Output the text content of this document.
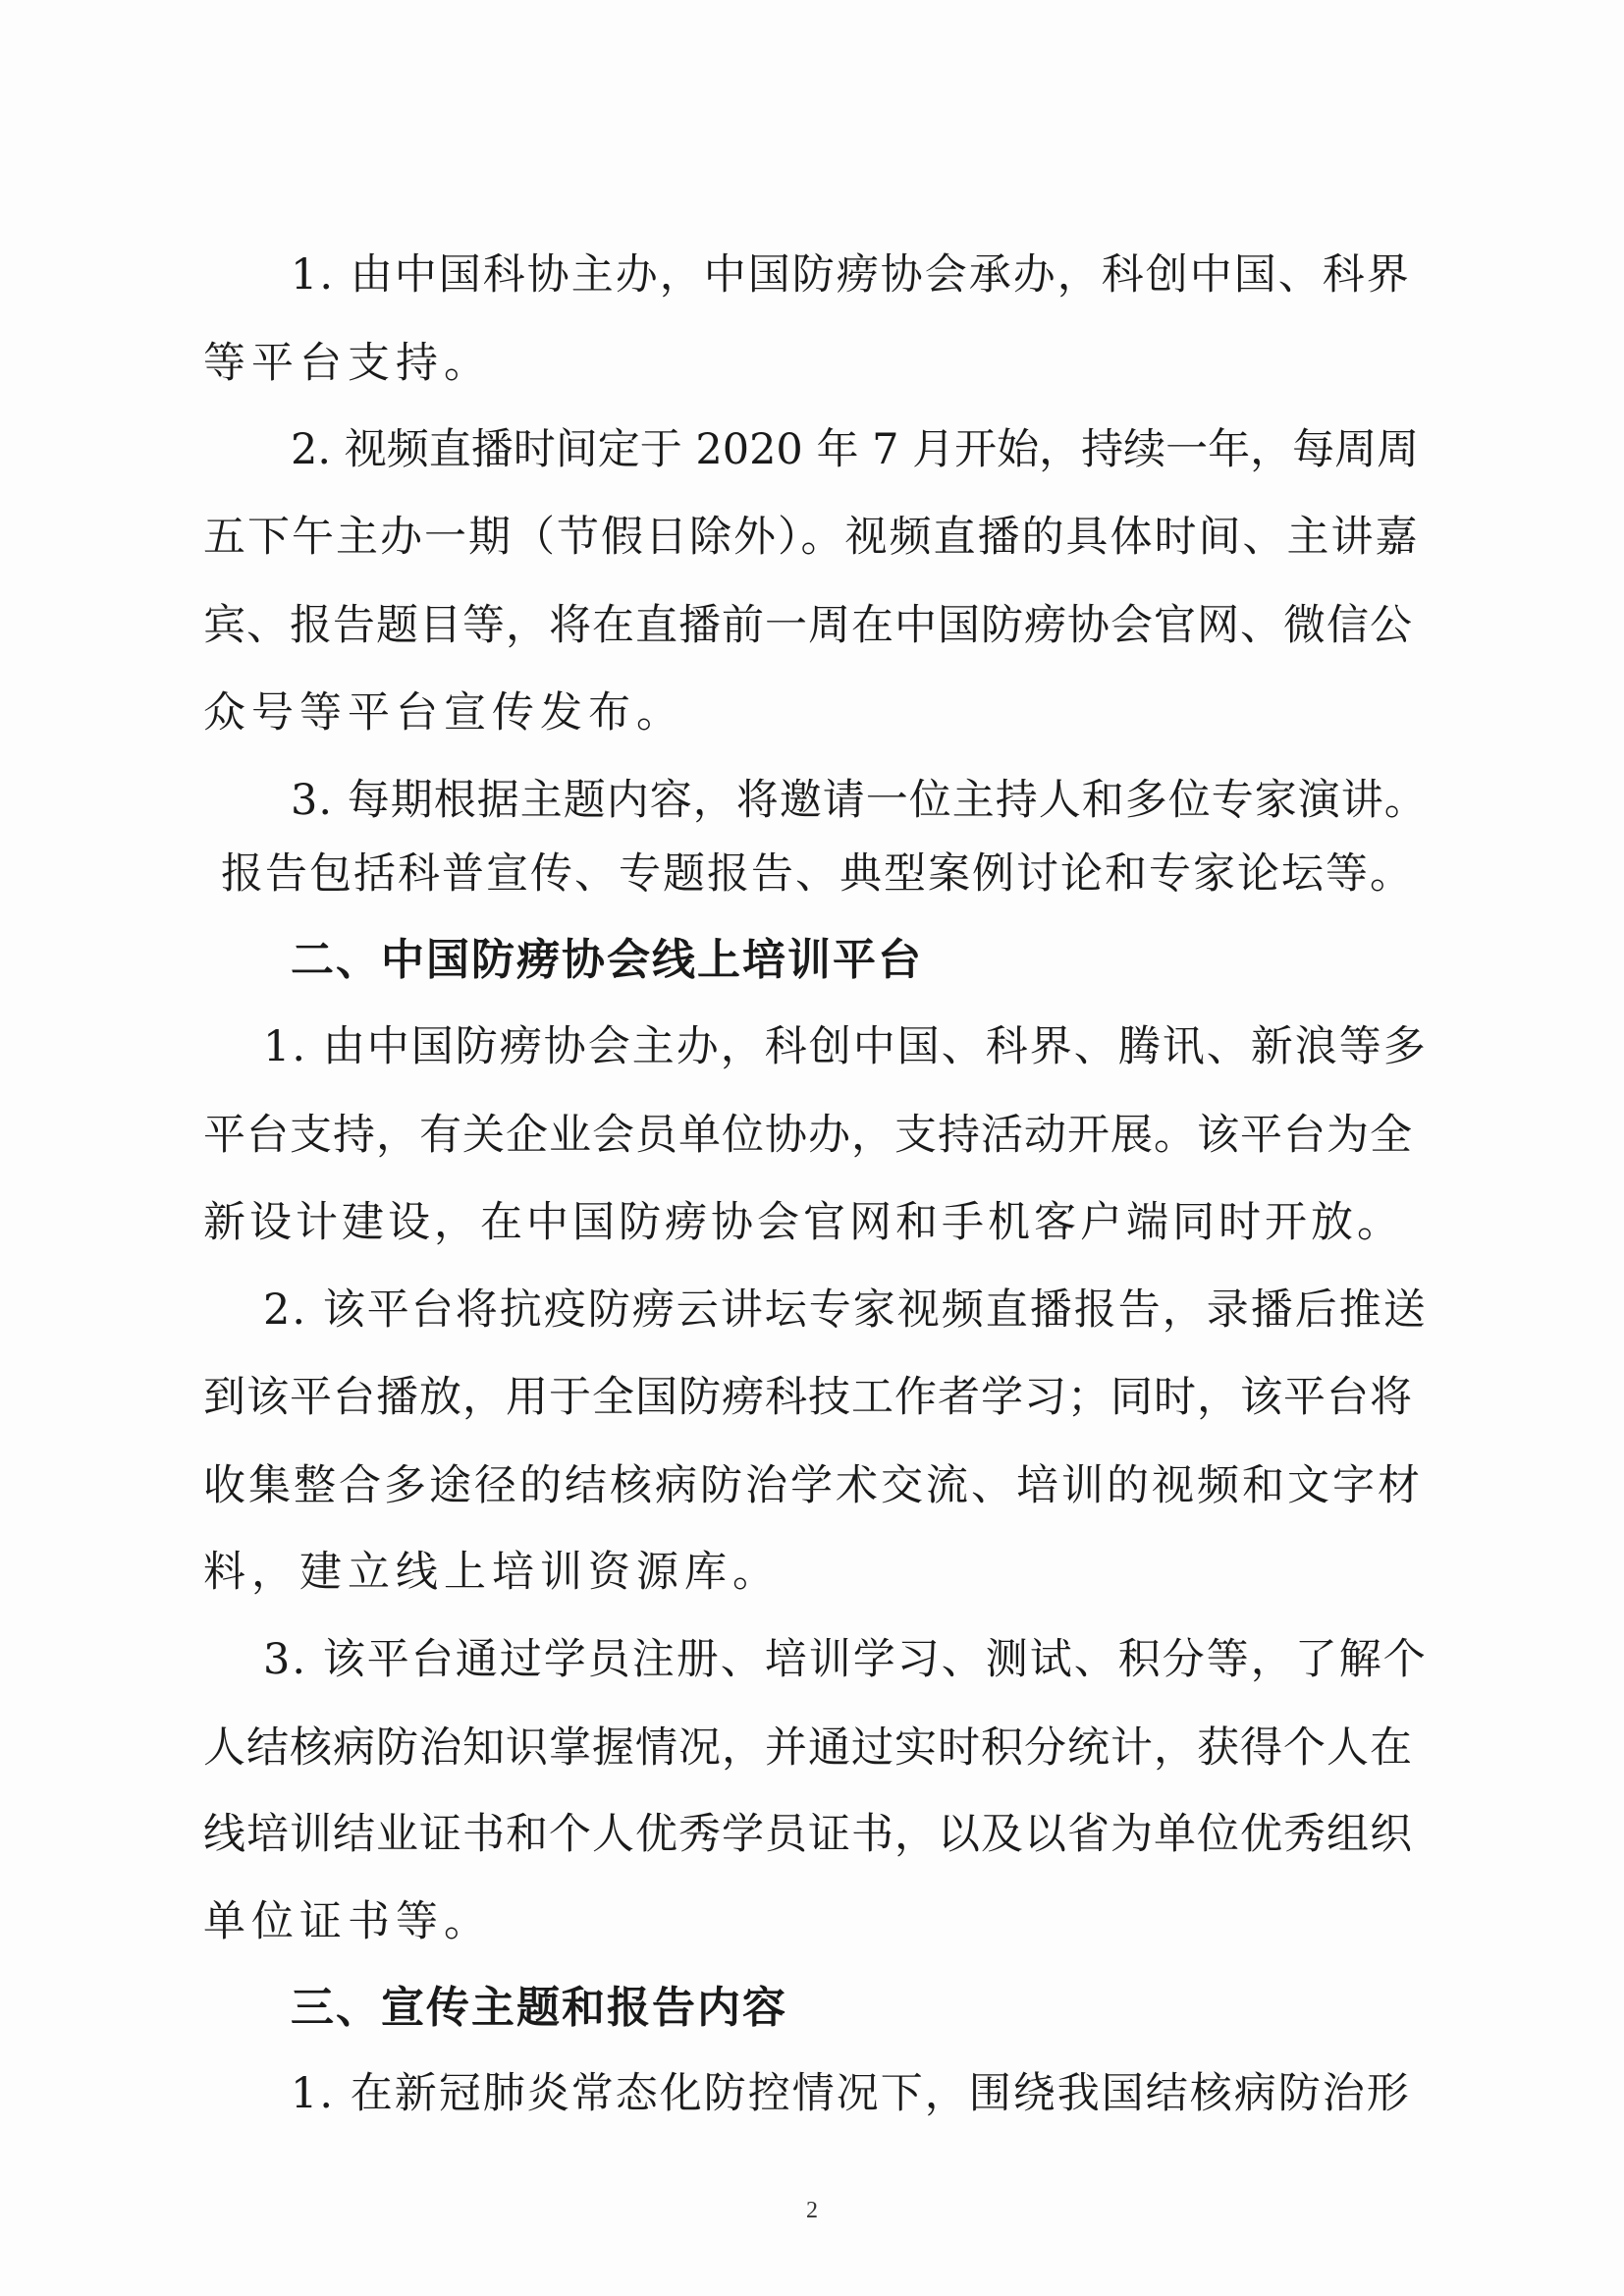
1. 由中国科协主办，中国防痨协会承办，科创中国、科界
等平台支持。
2. 视频直播时间定于 2020 年 7 月开始，持续一年，每周周
五下午主办一期（节假日除外）。视频直播的具体时间、主讲嘉
宾、报告题目等，将在直播前一周在中国防痨协会官网、微信公
众号等平台宣传发布。
3. 每期根据主题内容，将邀请一位主持人和多位专家演讲。
报告包括科普宣传、专题报告、典型案例讨论和专家论坛等。
二、中国防痨协会线上培训平台
1. 由中国防痨协会主办，科创中国、科界、腾讯、新浪等多
平台支持，有关企业会员单位协办，支持活动开展。该平台为全
新设计建设，在中国防痨协会官网和手机客户端同时开放。
2. 该平台将抗疫防痨云讲坛专家视频直播报告，录播后推送
到该平台播放，用于全国防痨科技工作者学习；同时，该平台将
收集整合多途径的结核病防治学术交流、培训的视频和文字材
料，建立线上培训资源库。
3. 该平台通过学员注册、培训学习、测试、积分等，了解个
人结核病防治知识掌握情况，并通过实时积分统计，获得个人在
线培训结业证书和个人优秀学员证书，以及以省为单位优秀组织
单位证书等。
三、宣传主题和报告内容
1. 在新冠肺炎常态化防控情况下，围绕我国结核病防治形
2
